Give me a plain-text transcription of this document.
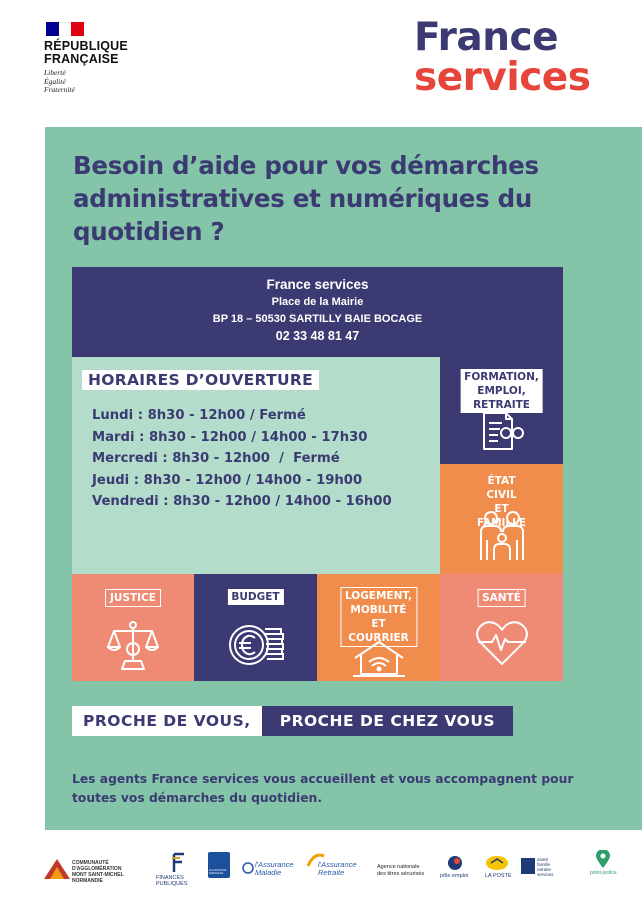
RÉPUBLIQUE
FRANÇAISE
Liberté
Égalité
Fraternité
France
services
Besoin d’aide pour vos démarches administratives et numériques du quotidien ?
France services
Place de la Mairie
BP 18 – 50530 SARTILLY BAIE BOCAGE
02 33 48 81 47
HORAIRES D’OUVERTURE
Lundi : 8h30 - 12h00 / Fermé
Mardi : 8h30 - 12h00 / 14h00 - 17h30
Mercredi : 8h30 - 12h00  /  Fermé
Jeudi : 8h30 - 12h00 / 14h00 - 19h00
Vendredi : 8h30 - 12h00 / 14h00 - 16h00
FORMATION,
EMPLOI, RETRAITE
ÉTAT CIVIL
ET FAMILLE
JUSTICE	BUDGET	LOGEMENT,
MOBILITÉ
ET COURRIER
SANTÉ
PROCHE DE VOUS,	PROCHE DE CHEZ VOUS

Les agents France services vous accueillent et vous accompagnent pour toutes vos démarches du quotidien.

COMMUNAUTÉ D'AGGLOMÉRATION
MONT SAINT-MICHEL
NORMANDIE	FINANCES PUBLIQUES
ALLOCATIONS FAMILIALES
l'Assurance
Maladie
l'Assurance
Retraite
Agence nationale
des titres sécurisés	pôle emploi	LA POSTE
santé
famille
retraite
services	point-justice
